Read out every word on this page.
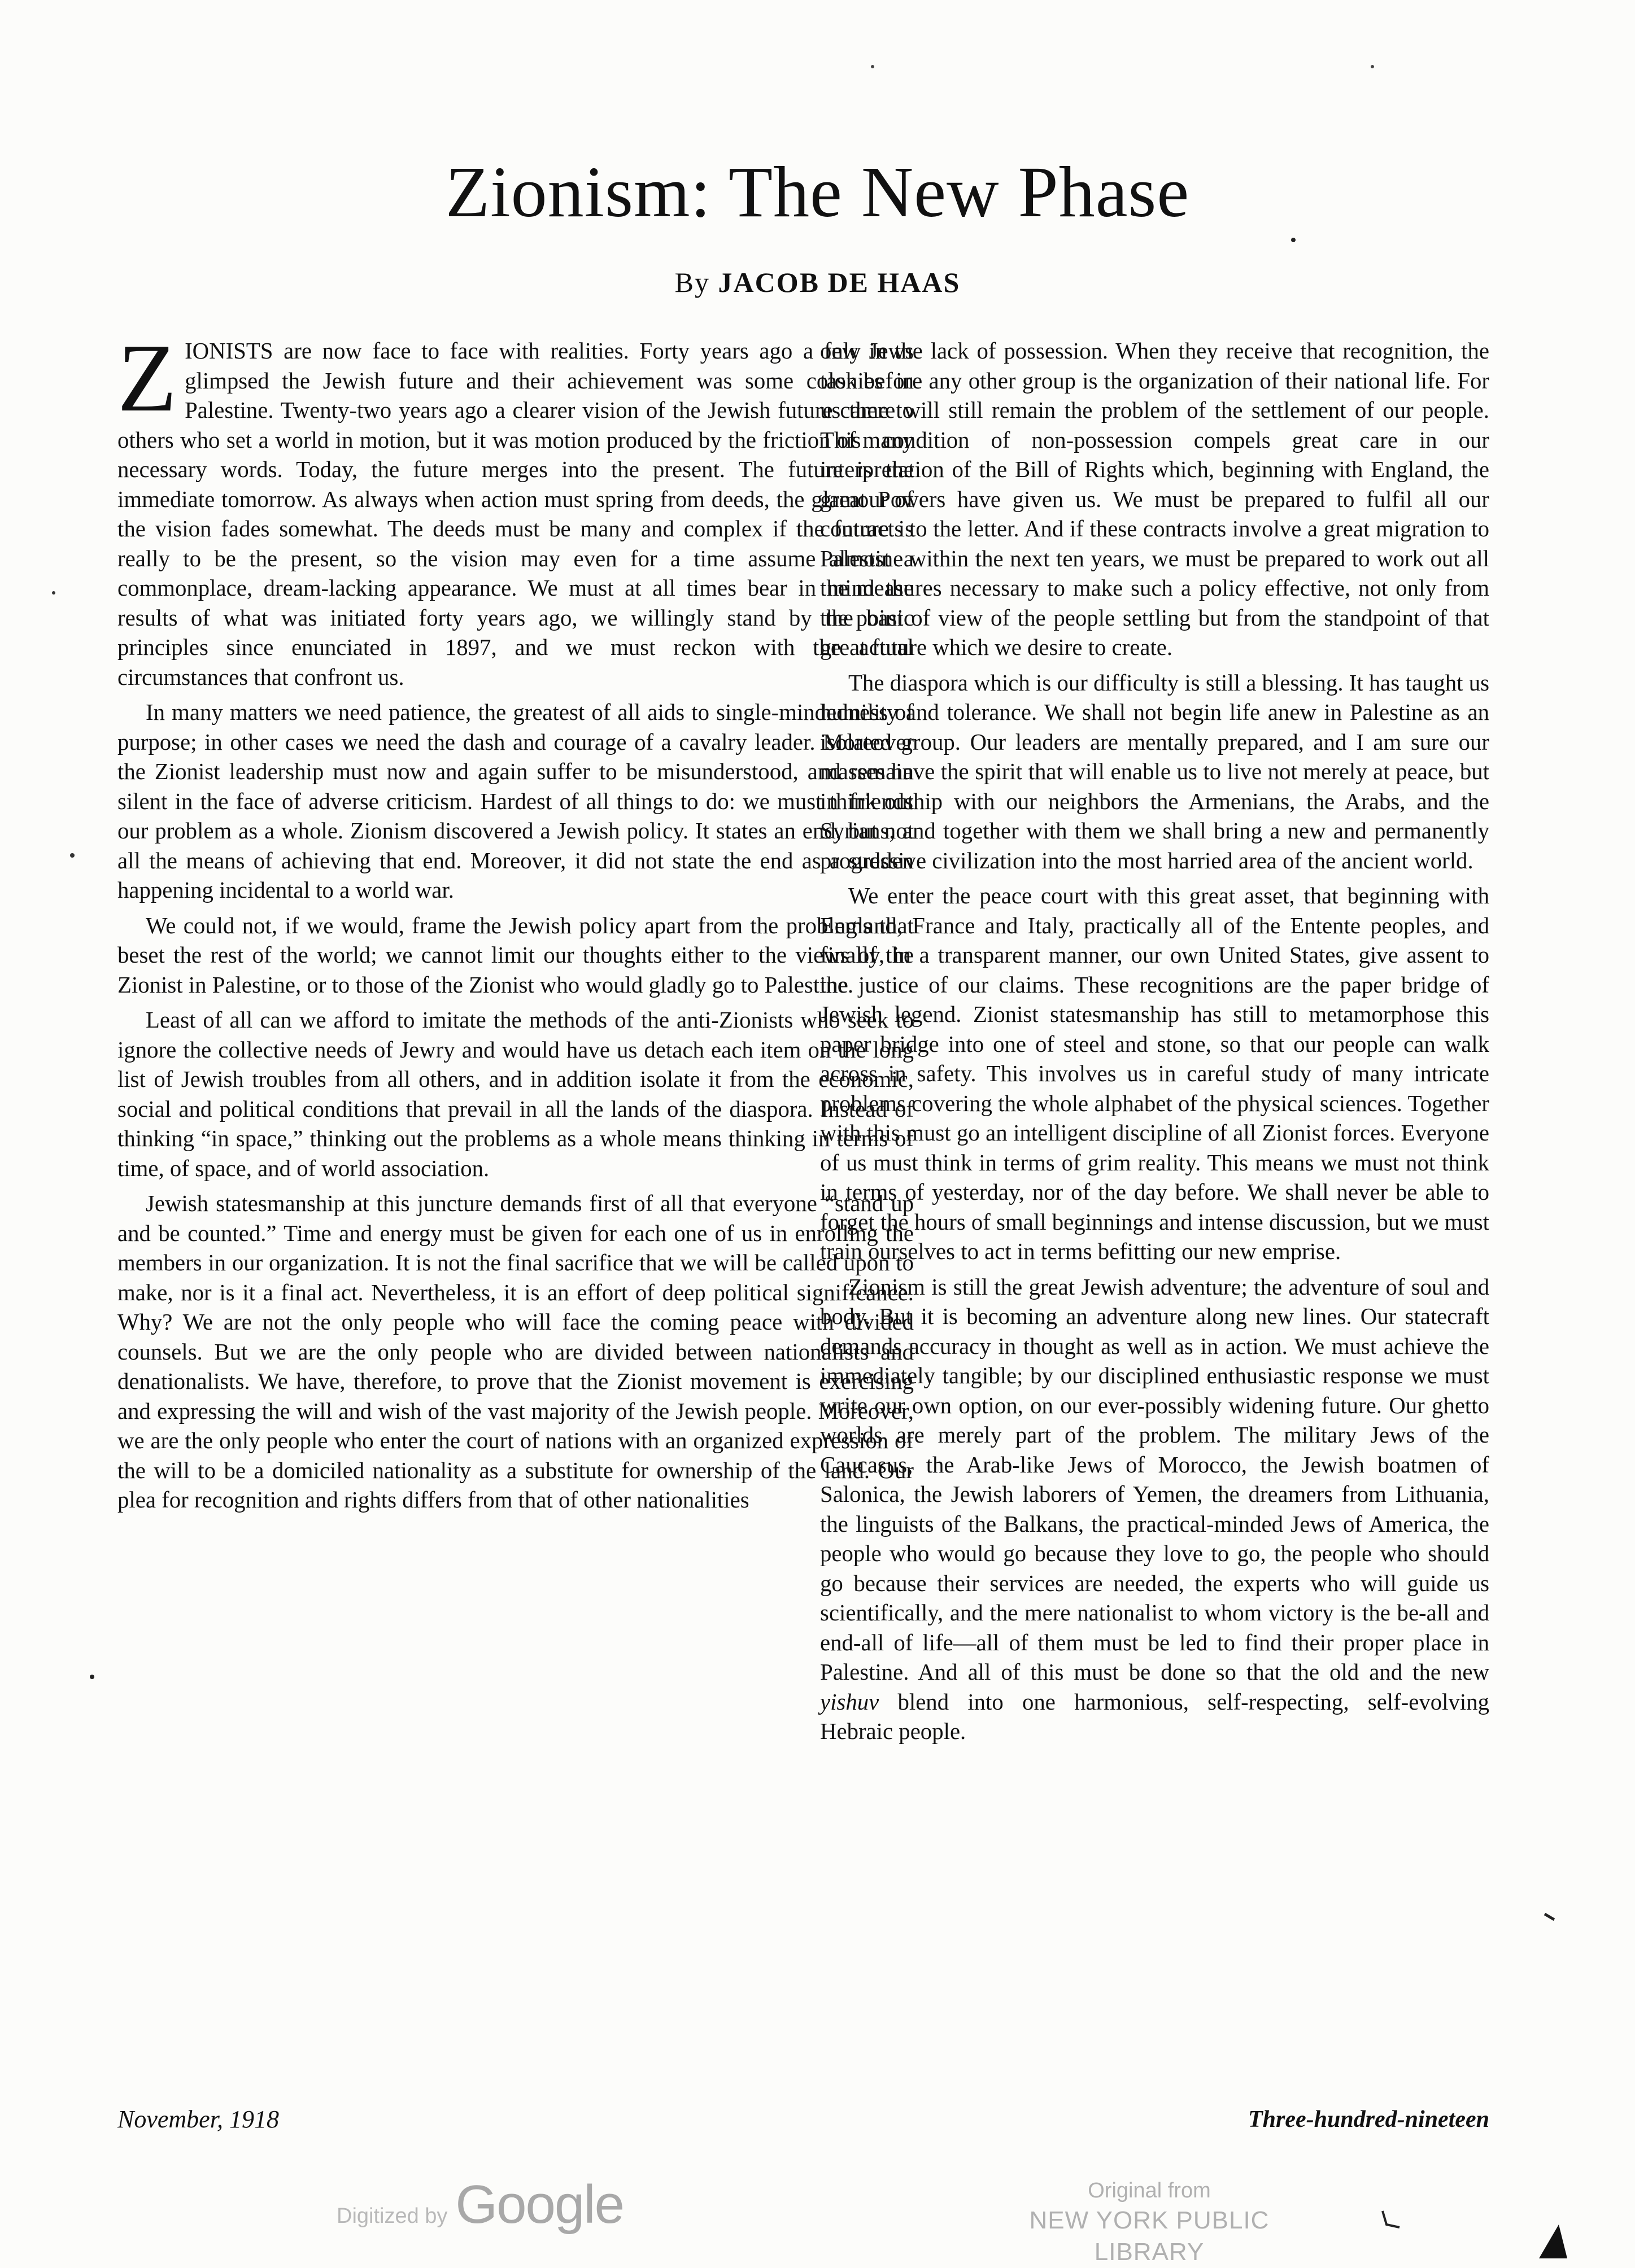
Zionism: The New Phase
By JACOB DE HAAS

ZIONISTS are now face to face with realities. Forty years ago a few Jews glimpsed the Jewish future and their achievement was some colonies in Palestine. Twenty-two years ago a clearer vision of the Jewish future came to others who set a world in motion, but it was motion produced by the friction of many necessary words. Today, the future merges into the present. The future is the immediate tomorrow. As always when action must spring from deeds, the glamour of the vision fades somewhat. The deeds must be many and complex if the future is really to be the present, so the vision may even for a time assume almost a commonplace, dream-lacking appearance. We must at all times bear in mind the results of what was initiated forty years ago, we willingly stand by the basic principles since enunciated in 1897, and we must reckon with the actual circumstances that confront us.

In many matters we need patience, the greatest of all aids to single-mindedness of purpose; in other cases we need the dash and courage of a cavalry leader. Moreover the Zionist leadership must now and again suffer to be misunderstood, and remain silent in the face of adverse criticism. Hardest of all things to do: we must think out our problem as a whole. Zionism discovered a Jewish policy. It states an end, but not all the means of achieving that end. Moreover, it did not state the end as a sudden happening incidental to a world war.

We could not, if we would, frame the Jewish policy apart from the problems that beset the rest of the world; we cannot limit our thoughts either to the views of the Zionist in Palestine, or to those of the Zionist who would gladly go to Palestine.

Least of all can we afford to imitate the methods of the anti-Zionists who seek to ignore the collective needs of Jewry and would have us detach each item on the long list of Jewish troubles from all others, and in addition isolate it from the economic, social and political conditions that prevail in all the lands of the diaspora. Instead of thinking “in space,” thinking out the problems as a whole means thinking in terms of time, of space, and of world association.

Jewish statesmanship at this juncture demands first of all that everyone “stand up and be counted.” Time and energy must be given for each one of us in enrolling the members in our organization. It is not the final sacrifice that we will be called upon to make, nor is it a final act. Nevertheless, it is an effort of deep political significance. Why? We are not the only people who will face the coming peace with divided counsels. But we are the only people who are divided between nationalists and denationalists. We have, therefore, to prove that the Zionist movement is exercising and expressing the will and wish of the vast majority of the Jewish people. Moreover, we are the only people who enter the court of nations with an organized expression of the will to be a domiciled nationality as a substitute for ownership of the land. Our plea for recognition and rights differs from that of other nationalities

only in the lack of possession. When they receive that recognition, the task before any other group is the organization of their national life. For us there will still remain the problem of the settlement of our people. This condition of non-possession compels great care in our interpretation of the Bill of Rights which, beginning with England, the great Powers have given us. We must be prepared to fulfil all our contracts to the letter. And if these contracts involve a great migration to Palestine within the next ten years, we must be prepared to work out all the measures necessary to make such a policy effective, not only from the point of view of the people settling but from the standpoint of that great future which we desire to create.

The diaspora which is our difficulty is still a blessing. It has taught us humility and tolerance. We shall not begin life anew in Palestine as an isolated group. Our leaders are mentally prepared, and I am sure our masses have the spirit that will enable us to live not merely at peace, but in friendship with our neighbors the Armenians, the Arabs, and the Syrians, and together with them we shall bring a new and permanently progressive civilization into the most harried area of the ancient world.

We enter the peace court with this great asset, that beginning with England, France and Italy, practically all of the Entente peoples, and finally, in a transparent manner, our own United States, give assent to the justice of our claims. These recognitions are the paper bridge of Jewish legend. Zionist statesmanship has still to metamorphose this paper bridge into one of steel and stone, so that our people can walk across in safety. This involves us in careful study of many intricate problems covering the whole alphabet of the physical sciences. Together with this must go an intelligent discipline of all Zionist forces. Everyone of us must think in terms of grim reality. This means we must not think in terms of yesterday, nor of the day before. We shall never be able to forget the hours of small beginnings and intense discussion, but we must train ourselves to act in terms befitting our new emprise.

Zionism is still the great Jewish adventure; the adventure of soul and body. But it is becoming an adventure along new lines. Our statecraft demands accuracy in thought as well as in action. We must achieve the immediately tangible; by our disciplined enthusiastic response we must write our own option, on our ever-possibly widening future. Our ghetto worlds are merely part of the problem. The military Jews of the Caucasus, the Arab-like Jews of Morocco, the Jewish boatmen of Salonica, the Jewish laborers of Yemen, the dreamers from Lithuania, the linguists of the Balkans, the practical-minded Jews of America, the people who would go because they love to go, the people who should go because their services are needed, the experts who will guide us scientifically, and the mere nationalist to whom victory is the be-all and end-all of life—all of them must be led to find their proper place in Palestine. And all of this must be done so that the old and the new yishuv blend into one harmonious, self-respecting, self-evolving Hebraic people.

November, 1918	Three-hundred-nineteen
Digitized by Google	Original from
NEW YORK PUBLIC LIBRARY
